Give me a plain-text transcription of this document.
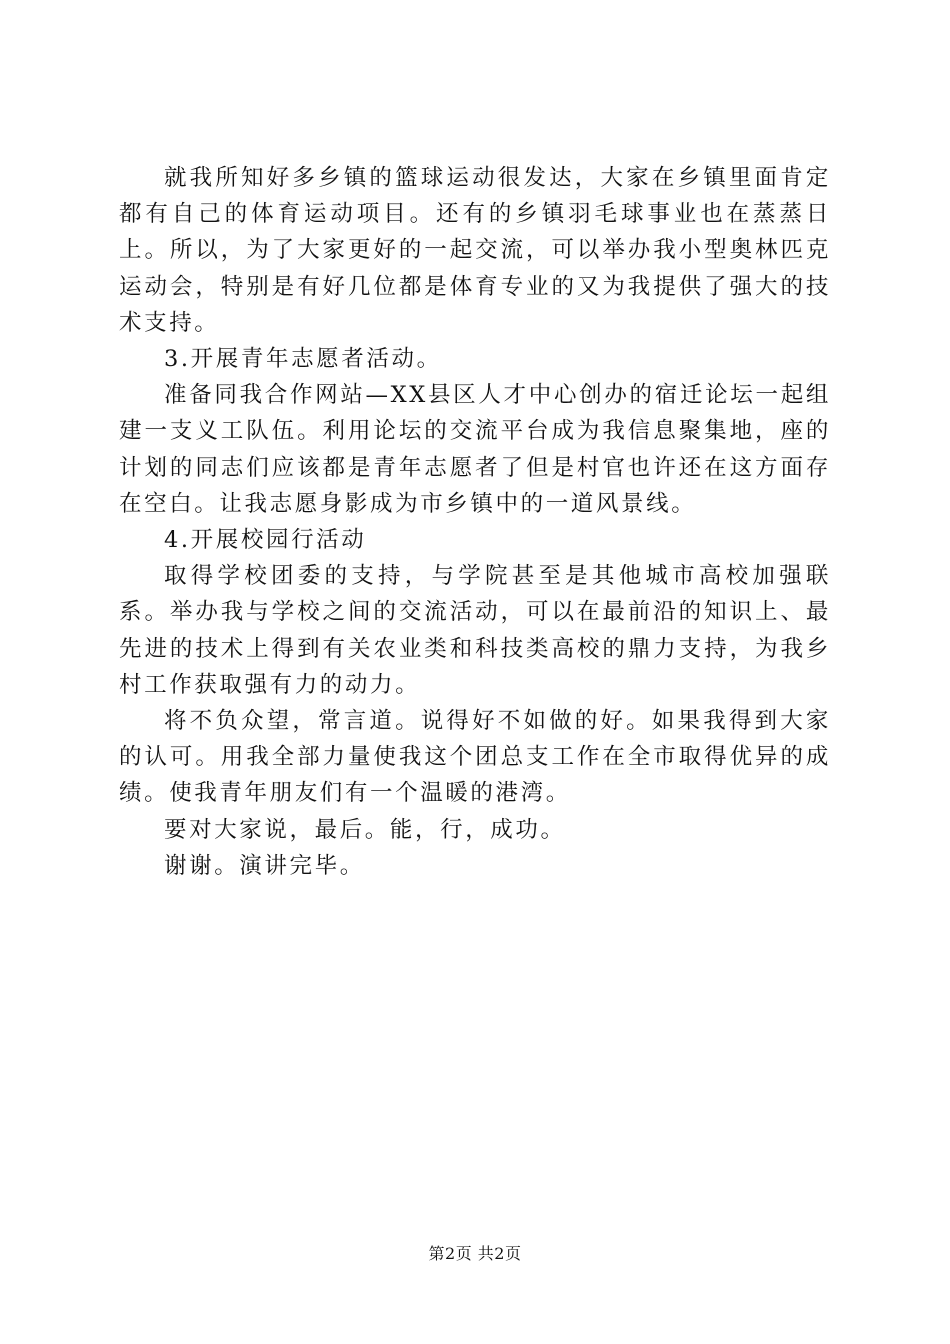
就我所知好多乡镇的篮球运动很发达，大家在乡镇里面肯定都有自己的体育运动项目。还有的乡镇羽毛球事业也在蒸蒸日上。所以，为了大家更好的一起交流，可以举办我小型奥林匹克运动会，特别是有好几位都是体育专业的又为我提供了强大的技术支持。

3.开展青年志愿者活动。

准备同我合作网站—XX县区人才中心创办的宿迁论坛一起组建一支义工队伍。利用论坛的交流平台成为我信息聚集地，座的计划的同志们应该都是青年志愿者了但是村官也许还在这方面存在空白。让我志愿身影成为市乡镇中的一道风景线。

4.开展校园行活动

取得学校团委的支持，与学院甚至是其他城市高校加强联系。举办我与学校之间的交流活动，可以在最前沿的知识上、最先进的技术上得到有关农业类和科技类高校的鼎力支持，为我乡村工作获取强有力的动力。

将不负众望，常言道。说得好不如做的好。如果我得到大家的认可。用我全部力量使我这个团总支工作在全市取得优异的成绩。使我青年朋友们有一个温暖的港湾。

要对大家说，最后。能，行，成功。

谢谢。演讲完毕。

第2页 共2页
